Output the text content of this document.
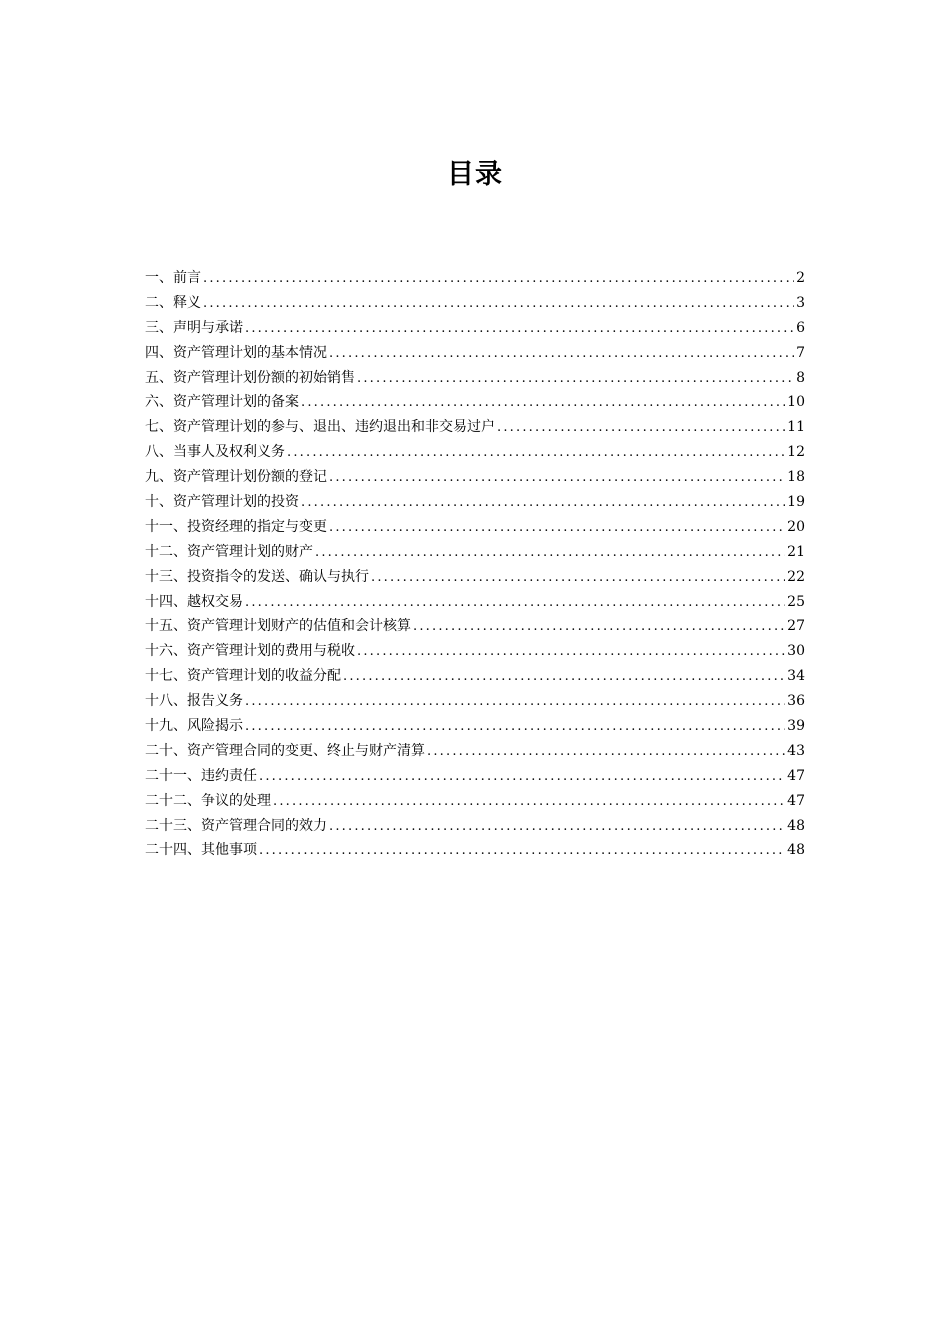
目录
一、前言 .....	2
二、释义 .....	3
三、声明与承诺 .....	6
四、资产管理计划的基本情况 .....	7
五、资产管理计划份额的初始销售 .....	8
六、资产管理计划的备案 .....	10
七、资产管理计划的参与、退出、违约退出和非交易过户 .....	11
八、当事人及权利义务 .....	12
九、资产管理计划份额的登记 .....	18
十、资产管理计划的投资 .....	19
十一、投资经理的指定与变更 .....	20
十二、资产管理计划的财产 .....	21
十三、投资指令的发送、确认与执行 .....	22
十四、越权交易 .....	25
十五、资产管理计划财产的估值和会计核算 .....	27
十六、资产管理计划的费用与税收 .....	30
十七、资产管理计划的收益分配 .....	34
十八、报告义务 .....	36
十九、风险揭示 .....	39
二十、资产管理合同的变更、终止与财产清算 .....	43
二十一、违约责任 .....	47
二十二、争议的处理 .....	47
二十三、资产管理合同的效力 .....	48
二十四、其他事项 .....	48
